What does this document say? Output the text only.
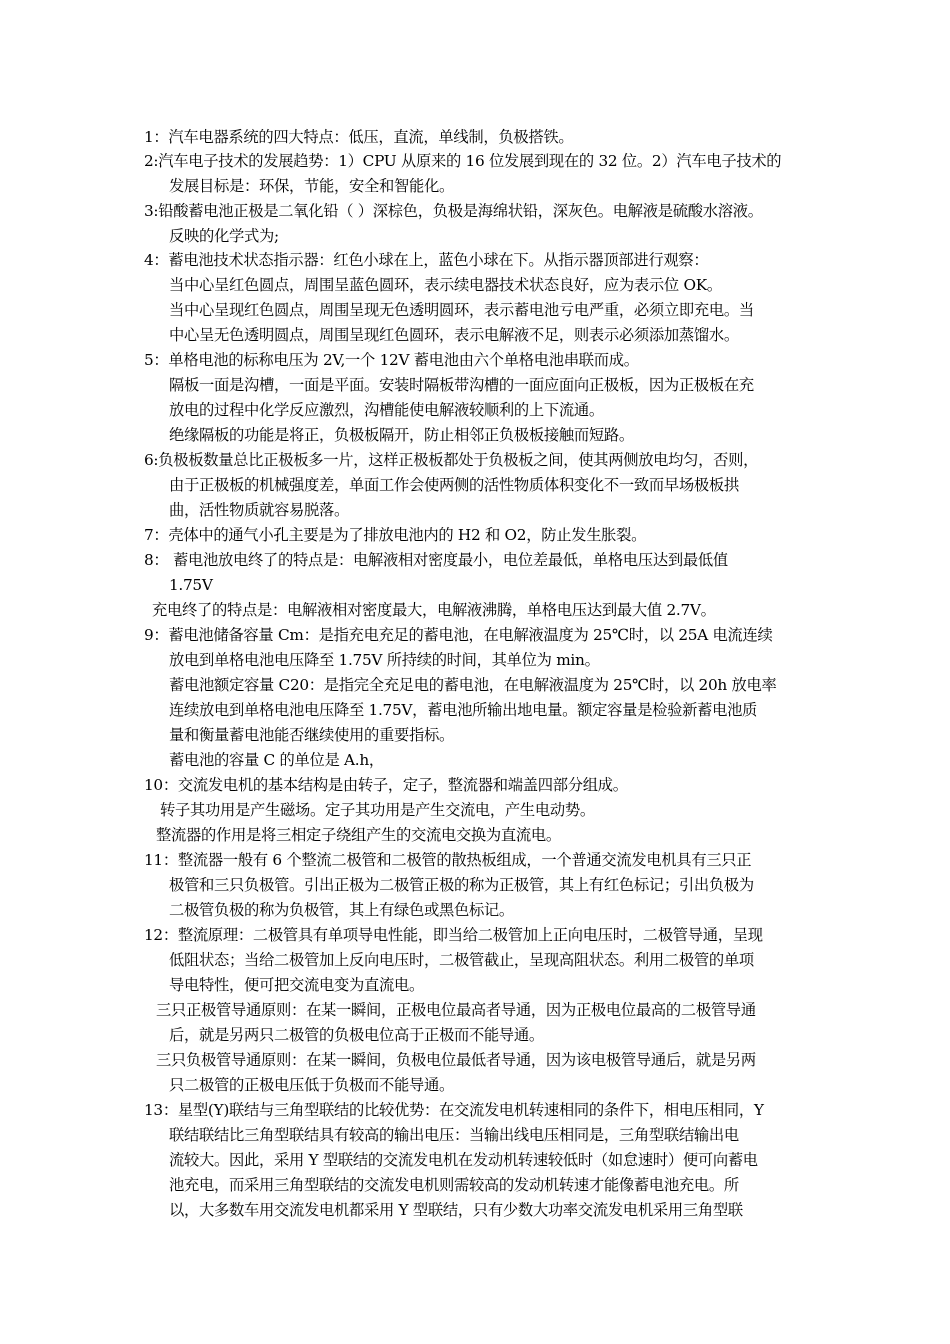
1：汽车电器系统的四大特点：低压，直流，单线制，负极搭铁。
2:汽车电子技术的发展趋势：1）CPU 从原来的 16 位发展到现在的 32 位。2）汽车电子技术的
发展目标是：环保，节能，安全和智能化。
3:铅酸蓄电池正极是二氧化铅（ ）深棕色，负极是海绵状铅，深灰色。电解液是硫酸水溶液。
反映的化学式为;
4：蓄电池技术状态指示器：红色小球在上，蓝色小球在下。从指示器顶部进行观察：
当中心呈红色圆点，周围呈蓝色圆环，表示续电器技术状态良好，应为表示位 OK。
当中心呈现红色圆点，周围呈现无色透明圆环，表示蓄电池亏电严重，必须立即充电。当
中心呈无色透明圆点，周围呈现红色圆环，表示电解液不足，则表示必须添加蒸馏水。
5：单格电池的标称电压为 2V,一个 12V 蓄电池由六个单格电池串联而成。
隔板一面是沟槽，一面是平面。安装时隔板带沟槽的一面应面向正极板，因为正极板在充
放电的过程中化学反应激烈，沟槽能使电解液较顺利的上下流通。
绝缘隔板的功能是将正，负极板隔开，防止相邻正负极板接触而短路。
6:负极板数量总比正极板多一片，这样正极板都处于负极板之间，使其两侧放电均匀，否则，
由于正极板的机械强度差，单面工作会使两侧的活性物质体积变化不一致而早场极板拱
曲，活性物质就容易脱落。
7：壳体中的通气小孔主要是为了排放电池内的 H2 和 O2，防止发生胀裂。
8： 蓄电池放电终了的特点是：电解液相对密度最小，电位差最低，单格电压达到最低值
1.75V
充电终了的特点是：电解液相对密度最大，电解液沸腾，单格电压达到最大值 2.7V。
9：蓄电池储备容量 Cm：是指充电充足的蓄电池，在电解液温度为 25℃时，以 25A 电流连续
放电到单格电池电压降至 1.75V 所持续的时间，其单位为 min。
蓄电池额定容量 C20：是指完全充足电的蓄电池，在电解液温度为 25℃时，以 20h 放电率
连续放电到单格电池电压降至 1.75V，蓄电池所输出地电量。额定容量是检验新蓄电池质
量和衡量蓄电池能否继续使用的重要指标。
蓄电池的容量 C 的单位是 A.h，
10：交流发电机的基本结构是由转子，定子，整流器和端盖四部分组成。
转子其功用是产生磁场。定子其功用是产生交流电，产生电动势。
整流器的作用是将三相定子绕组产生的交流电交换为直流电。
11：整流器一般有 6 个整流二极管和二极管的散热板组成，一个普通交流发电机具有三只正
极管和三只负极管。引出正极为二极管正极的称为正极管，其上有红色标记；引出负极为
二极管负极的称为负极管，其上有绿色或黑色标记。
12：整流原理：二极管具有单项导电性能，即当给二极管加上正向电压时，二极管导通，呈现
低阻状态；当给二极管加上反向电压时，二极管截止，呈现高阻状态。利用二极管的单项
导电特性，便可把交流电变为直流电。
三只正极管导通原则：在某一瞬间，正极电位最高者导通，因为正极电位最高的二极管导通
后，就是另两只二极管的负极电位高于正极而不能导通。
三只负极管导通原则：在某一瞬间，负极电位最低者导通，因为该电极管导通后，就是另两
只二极管的正极电压低于负极而不能导通。
13：星型(Y)联结与三角型联结的比较优势：在交流发电机转速相同的条件下，相电压相同，Y
联结联结比三角型联结具有较高的输出电压：当输出线电压相同是，三角型联结输出电
流较大。因此，采用 Y 型联结的交流发电机在发动机转速较低时（如怠速时）便可向蓄电
池充电，而采用三角型联结的交流发电机则需较高的发动机转速才能像蓄电池充电。所
以，大多数车用交流发电机都采用 Y 型联结，只有少数大功率交流发电机采用三角型联
